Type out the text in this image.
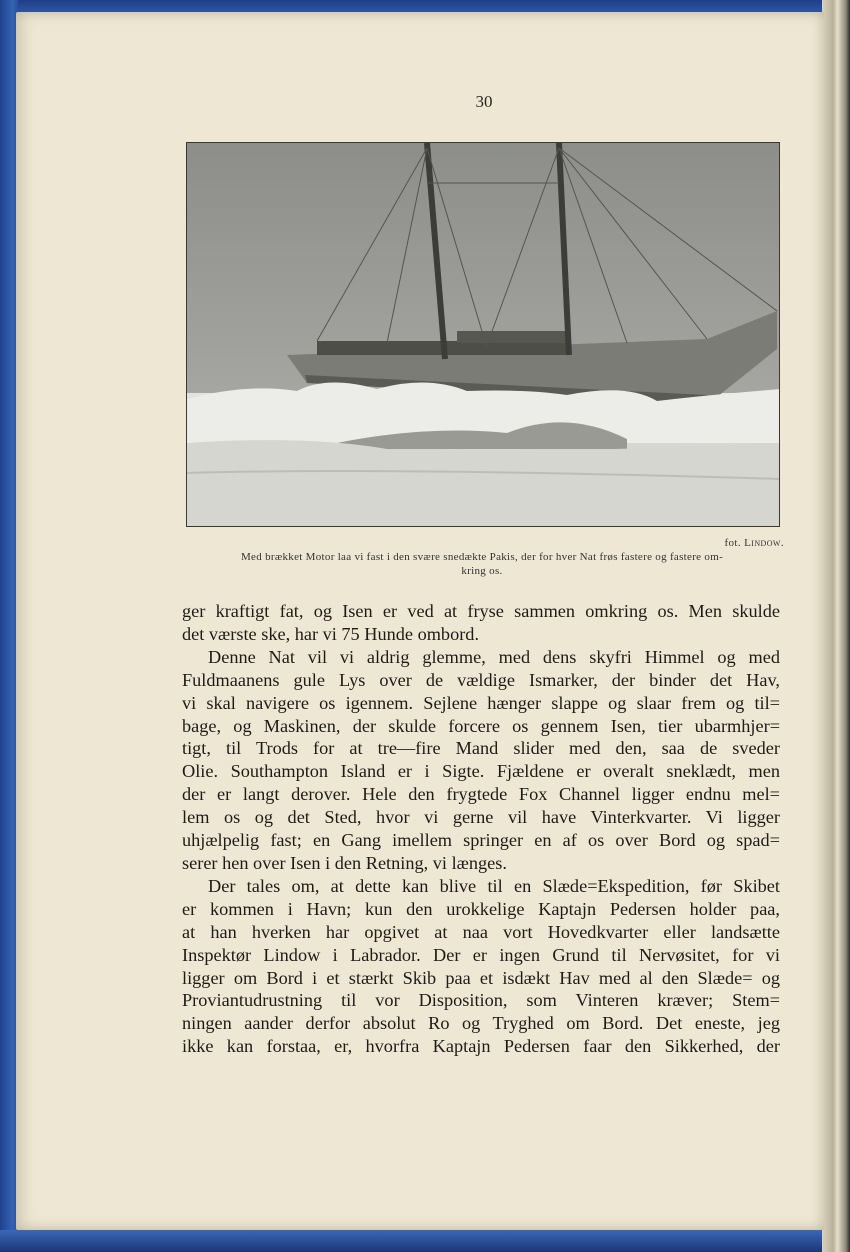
30
fot. Lindow.
Med brækket Motor laa vi fast i den svære snedækte Pakis, der for hver Nat frøs fastere og fastere om-
kring os.
ger kraftigt fat, og Isen er ved at fryse sammen omkring os. Men skulde
det værste ske, har vi 75 Hunde ombord.
Denne Nat vil vi aldrig glemme, med dens skyfri Himmel og med
Fuldmaanens gule Lys over de vældige Ismarker, der binder det Hav,
vi skal navigere os igennem. Sejlene hænger slappe og slaar frem og til=
bage, og Maskinen, der skulde forcere os gennem Isen, tier ubarmhjer=
tigt, til Trods for at tre—fire Mand slider med den, saa de sveder
Olie. Southampton Island er i Sigte. Fjældene er overalt sneklædt, men
der er langt derover. Hele den frygtede Fox Channel ligger endnu mel=
lem os og det Sted, hvor vi gerne vil have Vinterkvarter. Vi ligger
uhjælpelig fast; en Gang imellem springer en af os over Bord og spad=
serer hen over Isen i den Retning, vi længes.
Der tales om, at dette kan blive til en Slæde=Ekspedition, før Skibet
er kommen i Havn; kun den urokkelige Kaptajn Pedersen holder paa,
at han hverken har opgivet at naa vort Hovedkvarter eller landsætte
Inspektør Lindow i Labrador. Der er ingen Grund til Nervøsitet, for vi
ligger om Bord i et stærkt Skib paa et isdækt Hav med al den Slæde= og
Proviantudrustning til vor Disposition, som Vinteren kræver; Stem=
ningen aander derfor absolut Ro og Tryghed om Bord. Det eneste, jeg
ikke kan forstaa, er, hvorfra Kaptajn Pedersen faar den Sikkerhed, der
